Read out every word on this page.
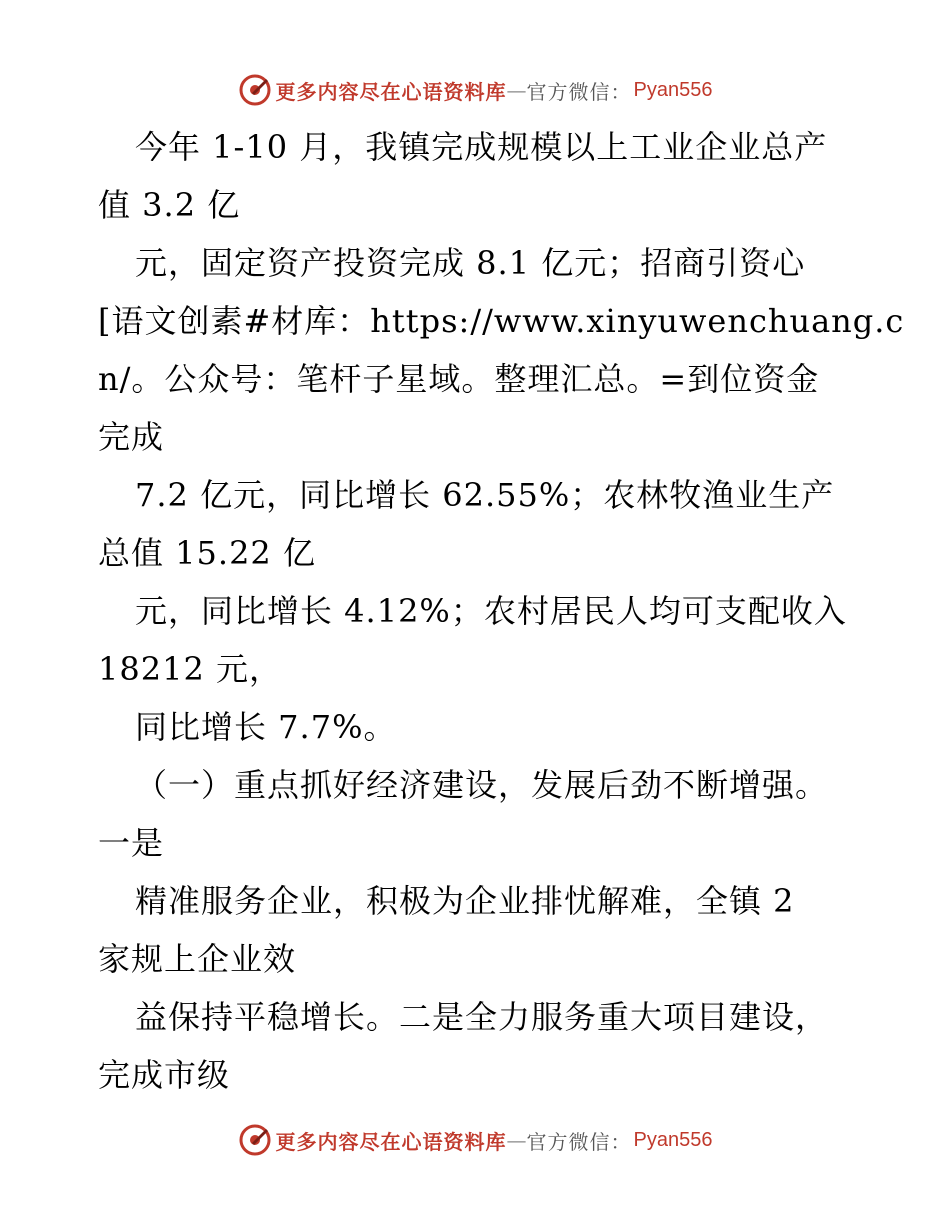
更多内容尽在心语资料库 — 官方微信： Pyan556
今年 1-10 月，我镇完成规模以上工业企业总产
值 3.2 亿
元，固定资产投资完成 8.1 亿元；招商引资心
[语文创素#材库：https://www.xinyuwenchuang.c
n/。公众号：笔杆子星域。整理汇总。=到位资金
完成
7.2 亿元，同比增长 62.55%；农林牧渔业生产
总值 15.22 亿
元，同比增长 4.12%；农村居民人均可支配收入
18212 元，
同比增长 7.7%。
（一）重点抓好经济建设，发展后劲不断增强。
一是
精准服务企业，积极为企业排忧解难，全镇 2
家规上企业效
益保持平稳增长。二是全力服务重大项目建设，
完成市级
更多内容尽在心语资料库 — 官方微信： Pyan556
